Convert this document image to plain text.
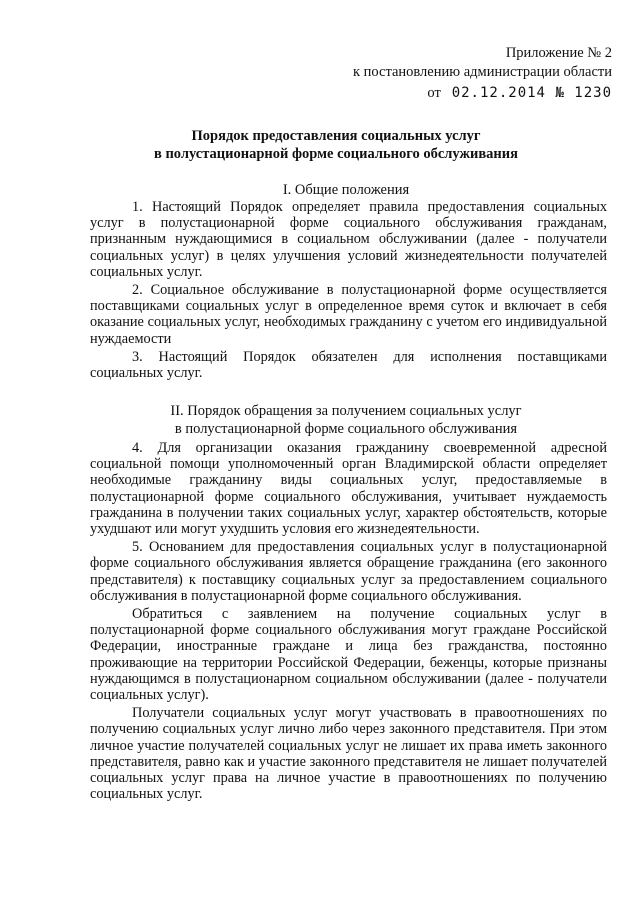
Приложение № 2
к постановлению администрации области
от 02.12.2014 № 1230
Порядок предоставления социальных услуг
в полустационарной форме социального обслуживания
I. Общие положения

1. Настоящий Порядок определяет правила предоставления социальных услуг в полустационарной форме социального обслуживания гражданам, признанным нуждающимися в социальном обслуживании (далее - получатели социальных услуг) в целях улучшения условий жизнедеятельности получателей социальных услуг.

2. Социальное обслуживание в полустационарной форме осуществляется поставщиками социальных услуг в определенное время суток и включает в себя оказание социальных услуг, необходимых гражданину с учетом его индивидуальной нуждаемости

3. Настоящий Порядок обязателен для исполнения поставщиками социальных услуг.

II. Порядок обращения за получением социальных услуг
в полустационарной форме социального обслуживания

4. Для организации оказания гражданину своевременной адресной социальной помощи уполномоченный орган Владимирской области определяет необходимые гражданину виды социальных услуг, предоставляемые в полустационарной форме социального обслуживания, учитывает нуждаемость гражданина в получении таких социальных услуг, характер обстоятельств, которые ухудшают или могут ухудшить условия его жизнедеятельности.

5. Основанием для предоставления социальных услуг в полустационарной форме социального обслуживания является обращение гражданина (его законного представителя) к поставщику социальных услуг за предоставлением социального обслуживания в полустационарной форме социального обслуживания.

Обратиться с заявлением на получение социальных услуг в полустационарной форме социального обслуживания могут граждане Российской Федерации, иностранные граждане и лица без гражданства, постоянно проживающие на территории Российской Федерации, беженцы, которые признаны нуждающимся в полустационарном социальном обслуживании (далее - получатели социальных услуг).

Получатели социальных услуг могут участвовать в правоотношениях по получению социальных услуг лично либо через законного представителя. При этом личное участие получателей социальных услуг не лишает их права иметь законного представителя, равно как и участие законного представителя не лишает получателей социальных услуг права на личное участие в правоотношениях по получению социальных услуг.
